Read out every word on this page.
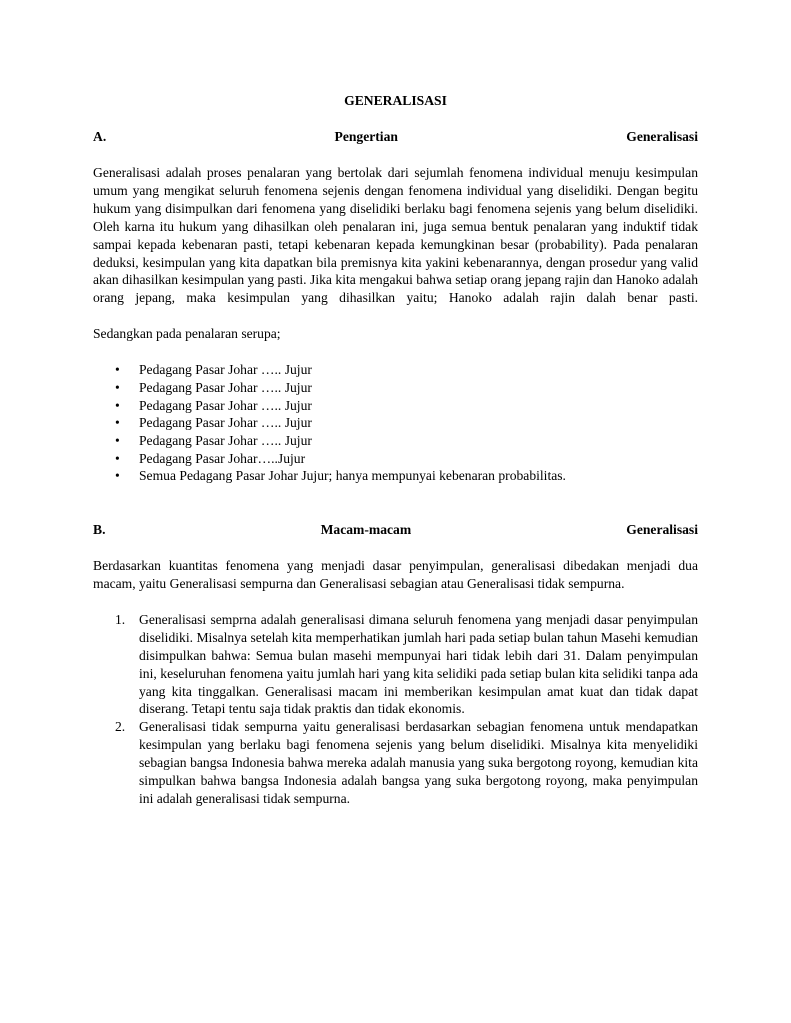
GENERALISASI
A.	Pengertian	Generalisasi

Generalisasi adalah proses penalaran yang bertolak dari sejumlah fenomena individual menuju kesimpulan umum yang mengikat seluruh fenomena sejenis dengan fenomena individual yang diselidiki. Dengan begitu hukum yang disimpulkan dari fenomena yang diselidiki berlaku bagi fenomena sejenis yang belum diselidiki. Oleh karna itu hukum yang dihasilkan oleh penalaran ini, juga semua bentuk penalaran yang induktif tidak sampai kepada kebenaran pasti, tetapi kebenaran kepada kemungkinan besar (probability). Pada penalaran deduksi, kesimpulan yang kita dapatkan bila premisnya kita yakini kebenarannya, dengan prosedur yang valid akan dihasilkan kesimpulan yang pasti. Jika kita mengakui bahwa setiap orang jepang rajin dan Hanoko adalah orang jepang, maka kesimpulan yang dihasilkan yaitu; Hanoko adalah rajin dalah benar pasti.

Sedangkan pada penalaran serupa;

• Pedagang Pasar Johar ….. Jujur
• Pedagang Pasar Johar ….. Jujur
• Pedagang Pasar Johar ….. Jujur
• Pedagang Pasar Johar ….. Jujur
• Pedagang Pasar Johar ….. Jujur
• Pedagang Pasar Johar…..Jujur
• Semua Pedagang Pasar Johar Jujur; hanya mempunyai kebenaran probabilitas.
B.	Macam-macam	Generalisasi

Berdasarkan kuantitas fenomena yang menjadi dasar penyimpulan, generalisasi dibedakan menjadi dua macam, yaitu Generalisasi sempurna dan Generalisasi sebagian atau Generalisasi tidak sempurna.

1. Generalisasi semprna adalah generalisasi dimana seluruh fenomena yang menjadi dasar penyimpulan diselidiki. Misalnya setelah kita memperhatikan jumlah hari pada setiap bulan tahun Masehi kemudian disimpulkan bahwa: Semua bulan masehi mempunyai hari tidak lebih dari 31. Dalam penyimpulan ini, keseluruhan fenomena yaitu jumlah hari yang kita selidiki pada setiap bulan kita selidiki tanpa ada yang kita tinggalkan. Generalisasi macam ini memberikan kesimpulan amat kuat dan tidak dapat diserang. Tetapi tentu saja tidak praktis dan tidak ekonomis.
2. Generalisasi tidak sempurna yaitu generalisasi berdasarkan sebagian fenomena untuk mendapatkan kesimpulan yang berlaku bagi fenomena sejenis yang belum diselidiki. Misalnya kita menyelidiki sebagian bangsa Indonesia bahwa mereka adalah manusia yang suka bergotong royong, kemudian kita simpulkan bahwa bangsa Indonesia adalah bangsa yang suka bergotong royong, maka penyimpulan ini adalah generalisasi tidak sempurna.
